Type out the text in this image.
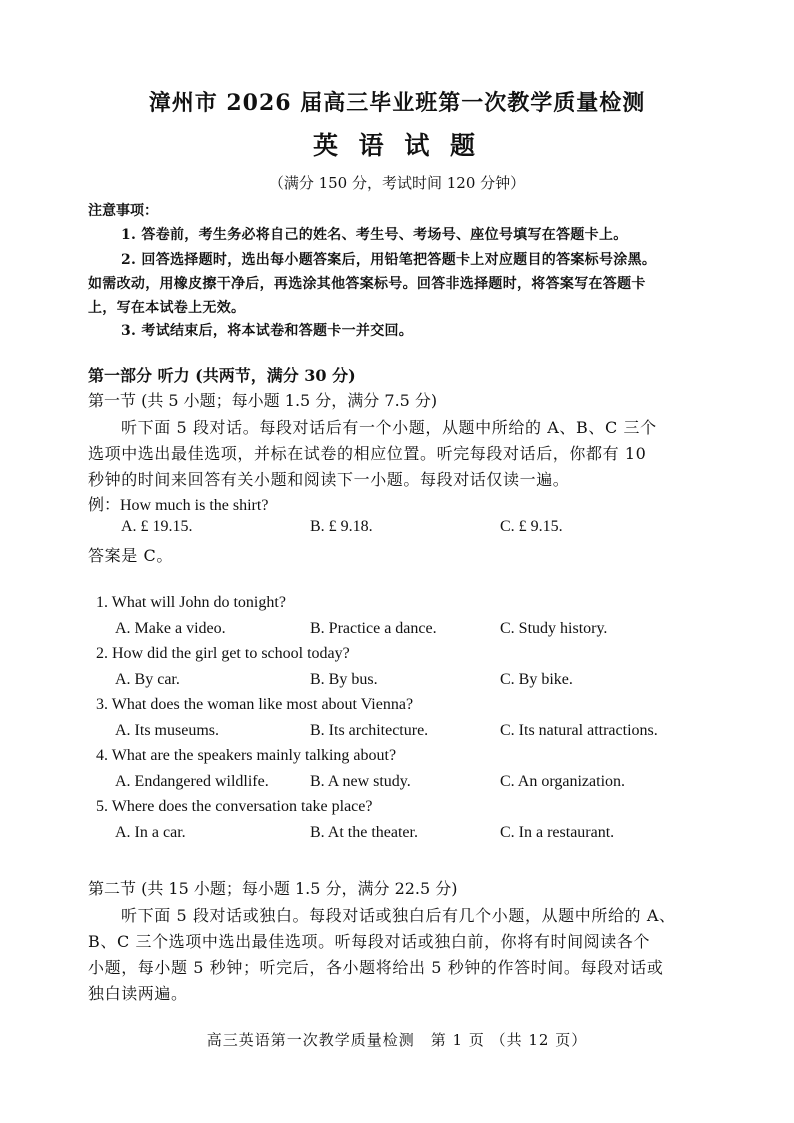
漳州市 2026 届高三毕业班第一次教学质量检测
英 语 试 题
（满分 150 分，考试时间 120 分钟）
注意事项：
1. 答卷前，考生务必将自己的姓名、考生号、考场号、座位号填写在答题卡上。
2. 回答选择题时，选出每小题答案后，用铅笔把答题卡上对应题目的答案标号涂黑。
如需改动，用橡皮擦干净后，再选涂其他答案标号。回答非选择题时，将答案写在答题卡
上，写在本试卷上无效。
3. 考试结束后，将本试卷和答题卡一并交回。
第一部分 听力 (共两节，满分 30 分)
第一节 (共 5 小题；每小题 1.5 分，满分 7.5 分)
听下面 5 段对话。每段对话后有一个小题，从题中所给的 A、B、C 三个
选项中选出最佳选项，并标在试卷的相应位置。听完每段对话后，你都有 10
秒钟的时间来回答有关小题和阅读下一小题。每段对话仅读一遍。
例：How much is the shirt?
A. £ 19.15.	B. £ 9.18.	C. £ 9.15.
答案是 C。
1. What will John do tonight?
A. Make a video.	B. Practice a dance.	C. Study history.
2. How did the girl get to school today?
A. By car.	B. By bus.	C. By bike.
3. What does the woman like most about Vienna?
A. Its museums.	B. Its architecture.	C. Its natural attractions.
4. What are the speakers mainly talking about?
A. Endangered wildlife.	B. A new study.	C. An organization.
5. Where does the conversation take place?
A. In a car.	B. At the theater.	C. In a restaurant.
第二节 (共 15 小题；每小题 1.5 分，满分 22.5 分)
听下面 5 段对话或独白。每段对话或独白后有几个小题，从题中所给的 A、
B、C 三个选项中选出最佳选项。听每段对话或独白前，你将有时间阅读各个
小题，每小题 5 秒钟；听完后，各小题将给出 5 秒钟的作答时间。每段对话或
独白读两遍。
高三英语第一次教学质量检测　第 1 页 （共 12 页）
